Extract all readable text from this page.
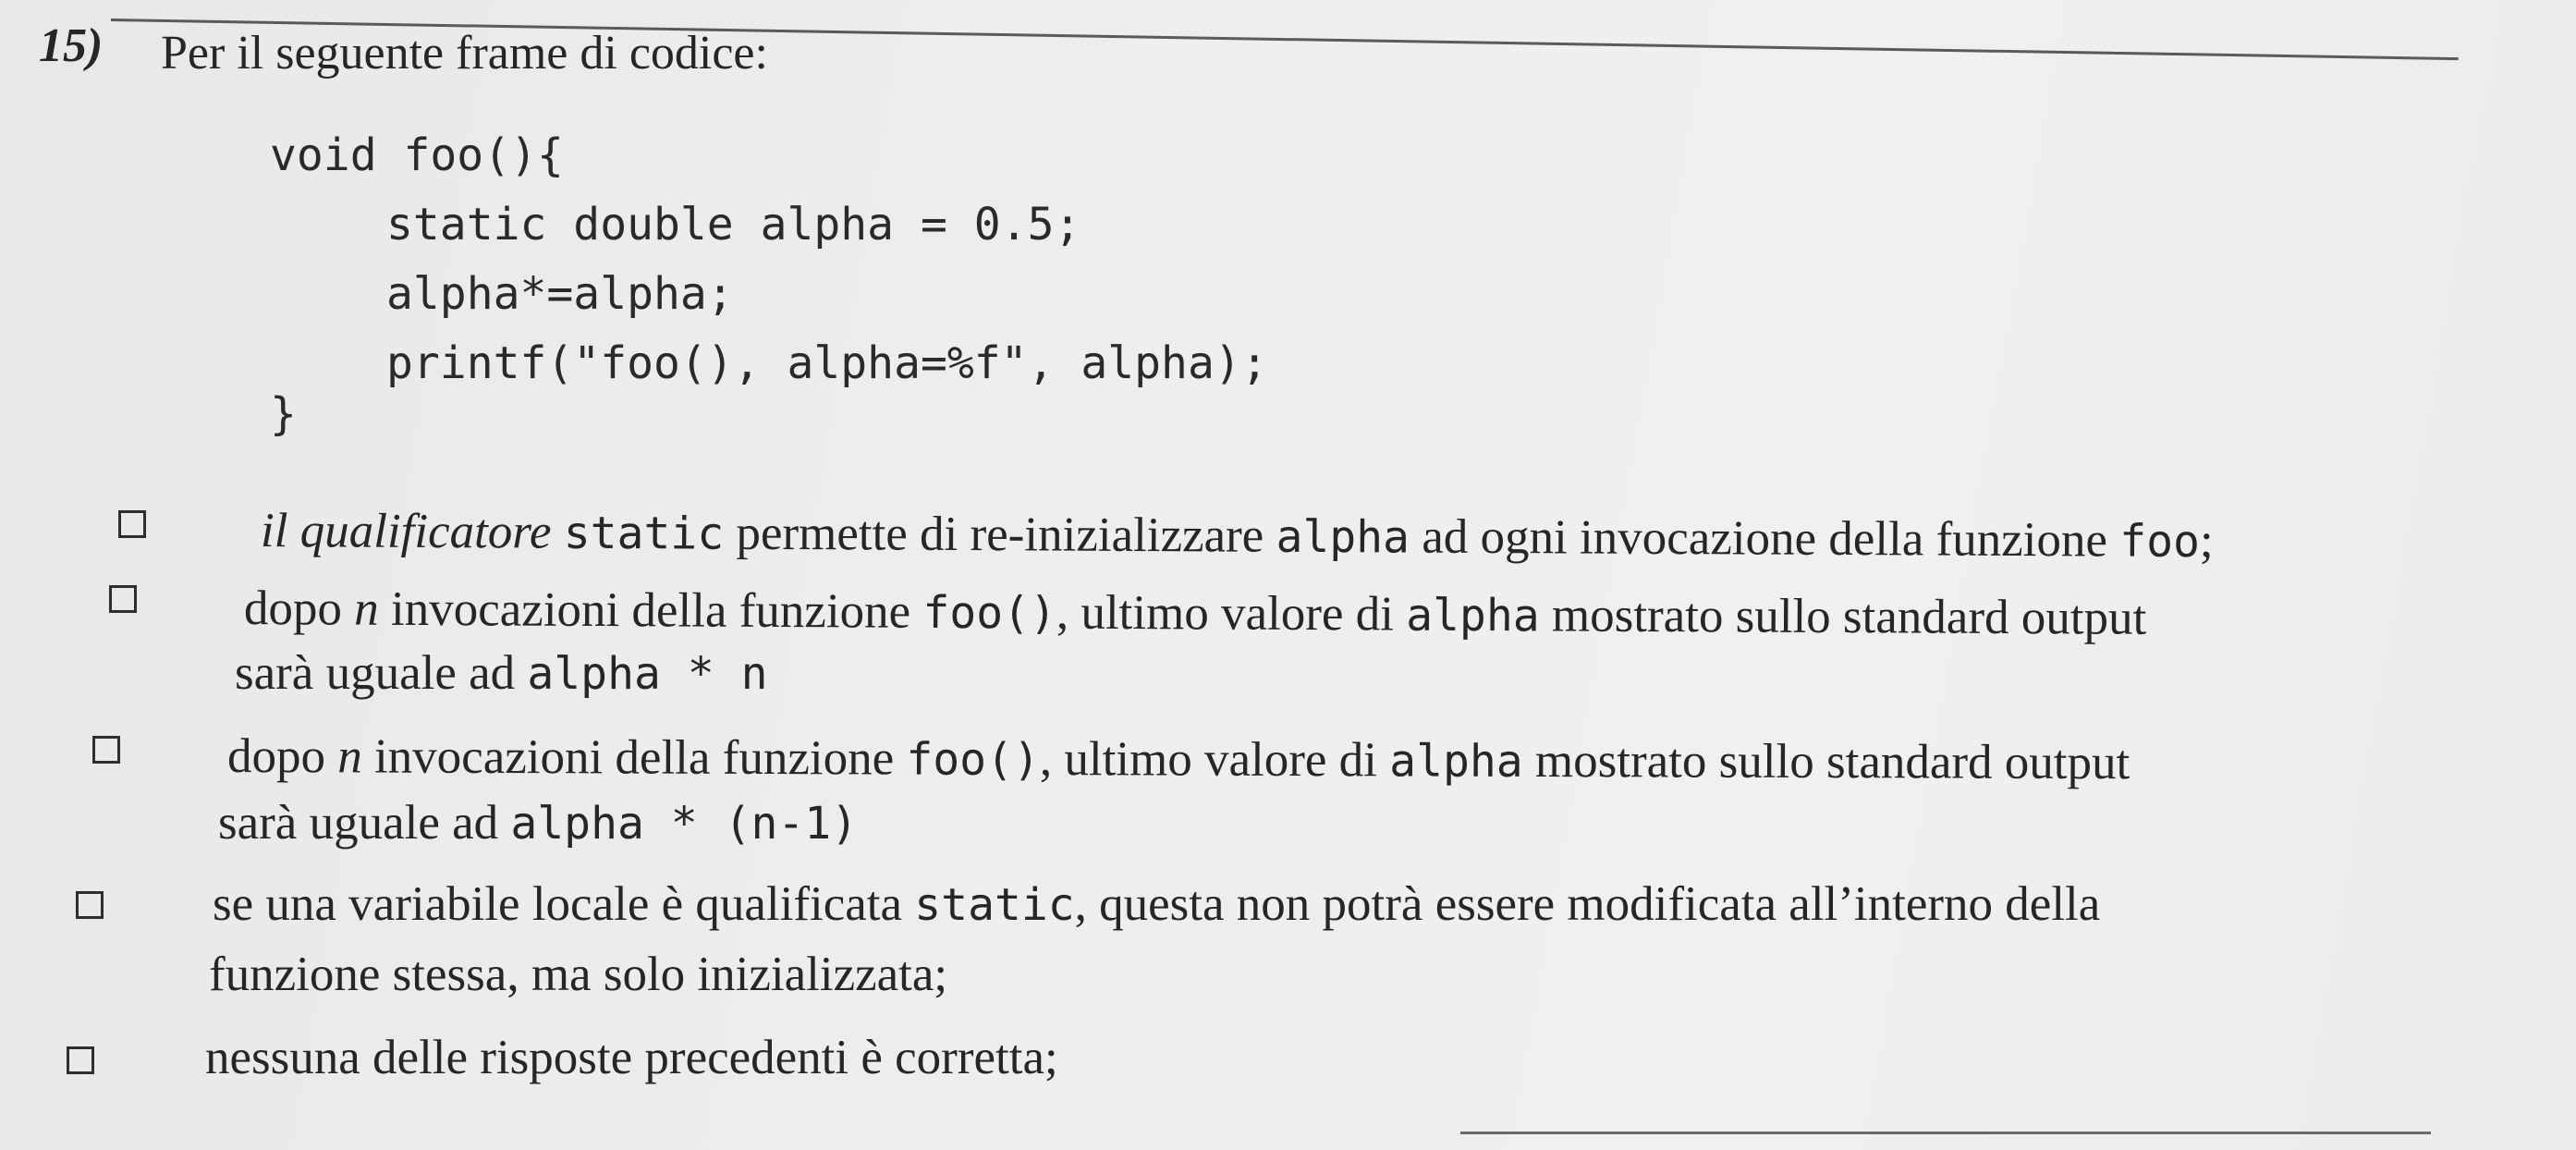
15) Per il seguente frame di codice:
void foo(){
static double alpha = 0.5;
alpha*=alpha;
printf("foo(), alpha=%f", alpha);
}
il qualificatore static permette di re-inizializzare alpha ad ogni invocazione della funzione foo;
dopo n invocazioni della funzione foo(), ultimo valore di alpha mostrato sullo standard output
sarà uguale ad alpha * n
dopo n invocazioni della funzione foo(), ultimo valore di alpha mostrato sullo standard output
sarà uguale ad alpha * (n-1)
se una variabile locale è qualificata static, questa non potrà essere modificata all’interno della
funzione stessa, ma solo inizializzata;
nessuna delle risposte precedenti è corretta;
